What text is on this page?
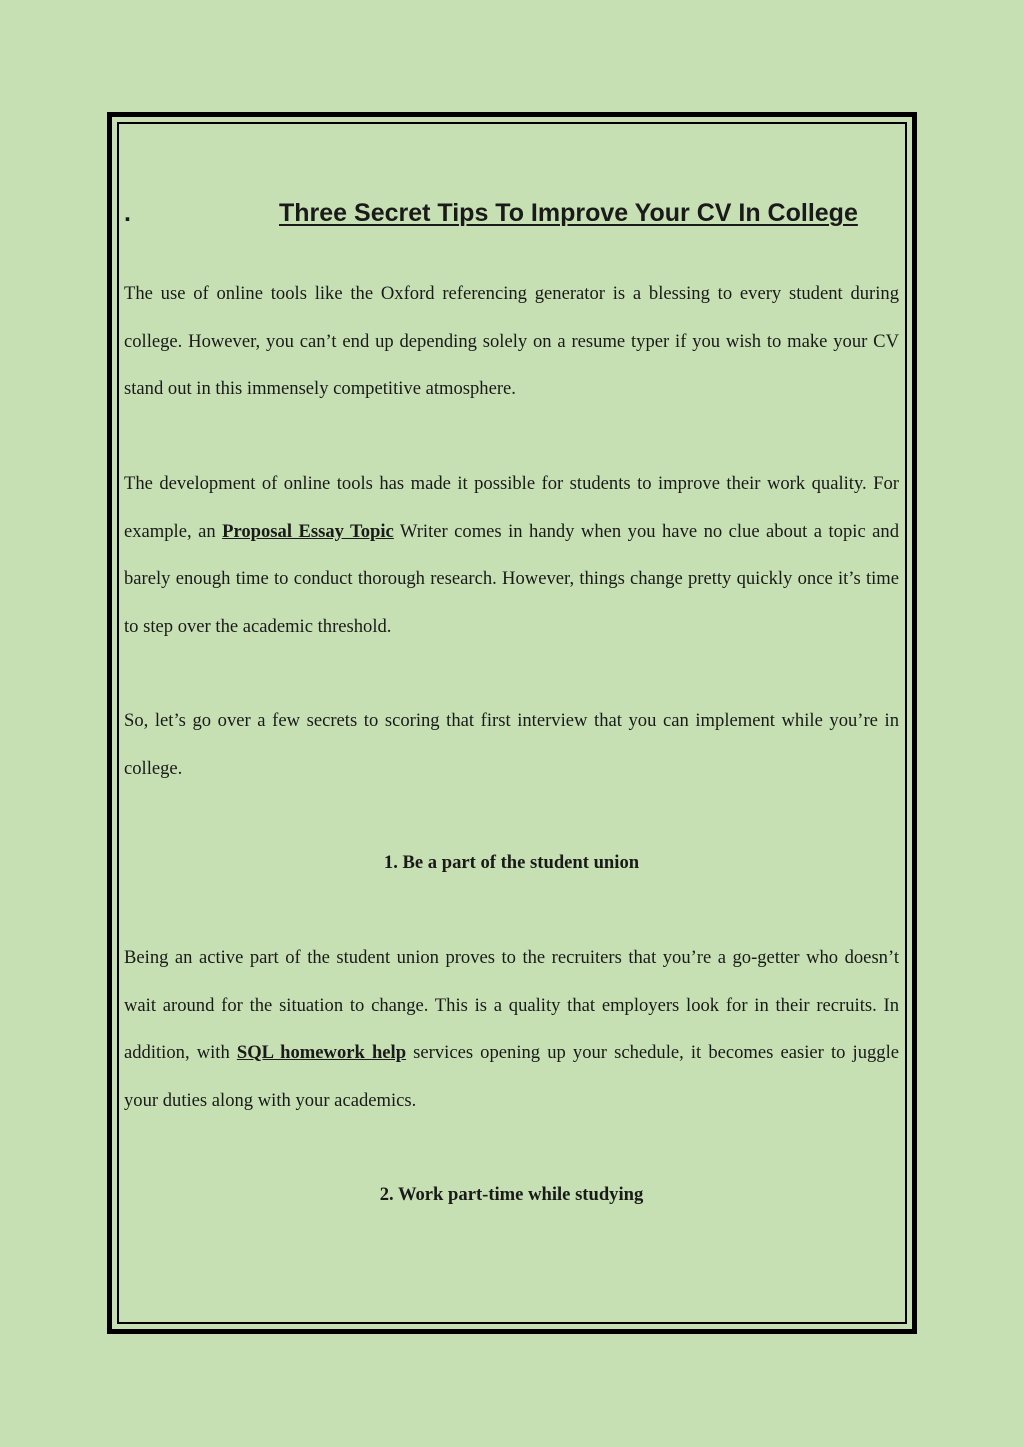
.	Three Secret Tips To Improve Your CV In College

The use of online tools like the Oxford referencing generator is a blessing to every student during college. However, you can’t end up depending solely on a resume typer if you wish to make your CV stand out in this immensely competitive atmosphere.

The development of online tools has made it possible for students to improve their work quality. For example, an Proposal Essay Topic Writer comes in handy when you have no clue about a topic and barely enough time to conduct thorough research. However, things change pretty quickly once it’s time to step over the academic threshold.

So, let’s go over a few secrets to scoring that first interview that you can implement while you’re in college.

1. Be a part of the student union

Being an active part of the student union proves to the recruiters that you’re a go-getter who doesn’t wait around for the situation to change. This is a quality that employers look for in their recruits. In addition, with SQL homework help services opening up your schedule, it becomes easier to juggle your duties along with your academics.

2. Work part-time while studying
